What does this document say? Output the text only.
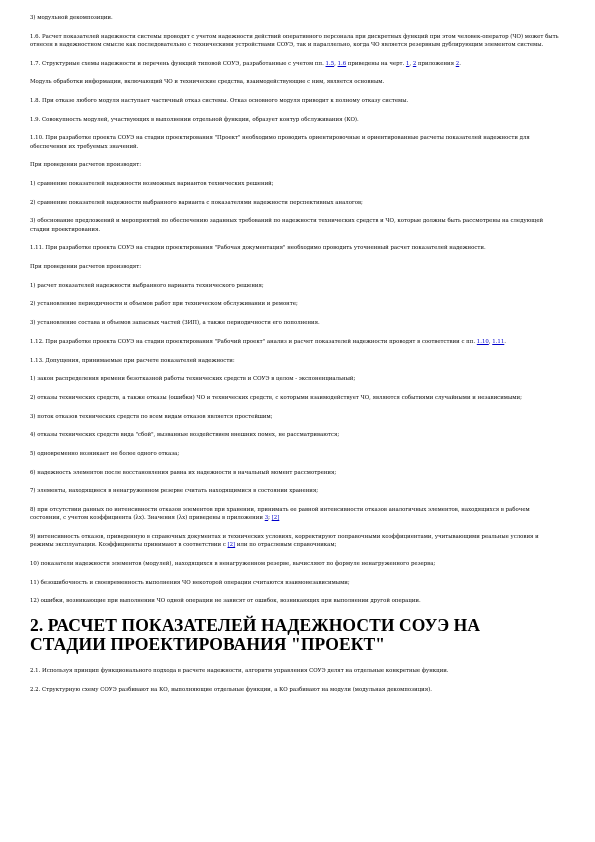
3) модульной декомпозиции.

1.6. Расчет показателей надежности системы проводят с учетом надежности действий оперативного персонала при дискретных функций при этом человек-оператор (ЧО) может быть отнесен в надежностном смысле как последовательно с техническими устройствами СОУЭ, так и параллельно, когда ЧО является резервным дублирующим элементом системы.

1.7. Структурные схемы надежности и перечень функций типовой СОУЭ, разработанные с учетом пп. 1.5, 1.6 приведены на черт. 1, 2 приложения 2.

Модуль обработки информации, включающий ЧО и технические средства, взаимодействующие с ним, является основным.

1.8. При отказе любого модуля наступает частичный отказ системы. Отказ основного модуля приводит к полному отказу системы.

1.9. Совокупность модулей, участвующих в выполнении отдельной функции, образует контур обслуживания (КО).

1.10. При разработке проекта СОУЭ на стадии проектирования "Проект" необходимо проводить ориентировочные и ориентированные расчеты показателей надежности для обеспечения их требуемых значений.

При проведении расчетов производят:

1) сравнение показателей надежности возможных вариантов технических решений;

2) сравнение показателей надежности выбранного варианта с показателями надежности перспективных аналогов;

3) обоснование предложений и мероприятий по обеспечению заданных требований по надежности технических средств и ЧО, которые должны быть рассмотрены на следующей стадии проектирования.

1.11. При разработке проекта СОУЭ на стадии проектирования "Рабочая документация" необходимо проводить уточненный расчет показателей надежности.

При проведении расчетов производят:

1) расчет показателей надежности выбранного варианта технического решения;

2) установление периодичности и объемов работ при техническом обслуживании и ремонте;

3) установление состава и объемов запасных частей (ЗИП), а также периодичности его пополнения.

1.12. При разработке проекта СОУЭ на стадии проектирования "Рабочий проект" анализ и расчет показателей надежности проводят в соответствии с пп. 1.10, 1.11.

1.13. Допущения, принимаемые при расчете показателей надежности:

1) закон распределения времени безотказной работы технических средств и СОУЭ в целом - экспоненциальный;

2) отказы технических средств, а также отказы (ошибки) ЧО и технических средств, с которыми взаимодействует ЧО, являются событиями случайными и независимыми;

3) поток отказов технических средств по всем видам отказов является простейшим;

4) отказы технических средств вида "сбой", вызванные воздействием внешних помех, не рассматриваются;

5) одновременно возникает не более одного отказа;

6) надежность элементов после восстановления равна их надежности в начальный момент рассмотрения;

7) элементы, находящиеся в ненагруженном резерве считать находящимися в состоянии хранения;

8) при отсутствии данных по интенсивности отказов элементов при хранении, принимать ее равной интенсивности отказов аналогичных элементов, находящихся в рабочем состоянии, с учетом коэффициента (λх). Значения (λх) приведены в приложении 3; [2]

9) интенсивность отказов, приведенную в справочных документах и технических условиях, корректируют поправочными коэффициентами, учитывающими реальные условия и режимы эксплуатации. Коэффициенты принимают в соответствии с [2] или по отраслевым справочникам;

10) показатели надежности элементов (модулей), находящихся в ненагруженном резерве, вычисляют по формуле ненагруженного резерва;

11) безошибочность и своевременность выполнения ЧО некоторой операции считаются взаимонезависимыми;

12) ошибки, возникающие при выполнении ЧО одной операции не зависят от ошибок, возникающих при выполнении другой операции.

2. РАСЧЕТ ПОКАЗАТЕЛЕЙ НАДЕЖНОСТИ СОУЭ НА СТАДИИ ПРОЕКТИРОВАНИЯ "ПРОЕКТ"

2.1. Используя принцип функционального подхода в расчете надежности, алгоритм управления СОУЭ делят на отдельные конкретные функции.

2.2. Структурную схему СОУЭ разбивают на КО, выполняющие отдельные функции, а КО разбивают на модули (модульная декомпозиция).
